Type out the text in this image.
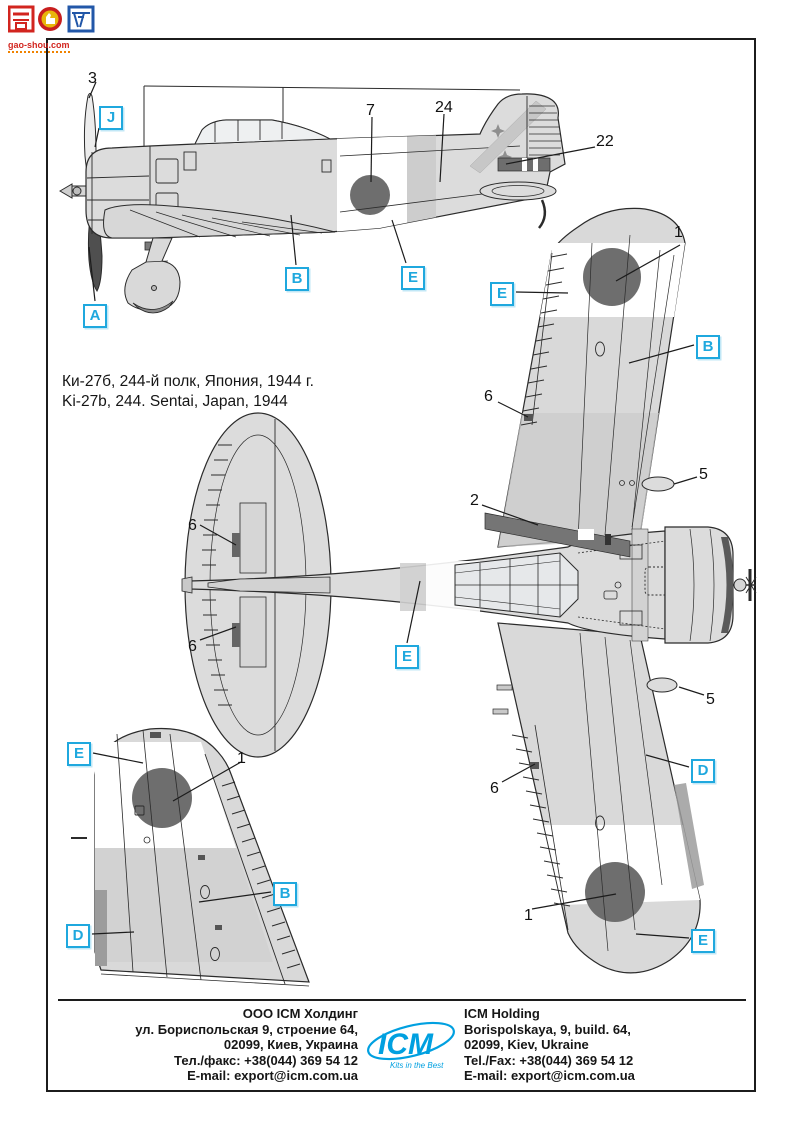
gao-shou.com
3
J
A
B
7	24
E
22
1
B
E
6
5
2
E
6
6
5
6
D
1
E
E	1
B
D
Ки-27б, 244-й полк, Япония, 1944 г.
Ki-27b, 244. Sentai, Japan, 1944
ООО ICM Холдинг
ул. Бориспольская 9, строение 64,
02099, Киев, Украина
Тел./факс: +38(044) 369 54 12
E-mail: export@icm.com.ua
ICM
Kits in the Best
ICM Holding
Borispolskaya, 9, build. 64,
02099, Kiev, Ukraine
Tel./Fax: +38(044) 369 54 12
E-mail: export@icm.com.ua
